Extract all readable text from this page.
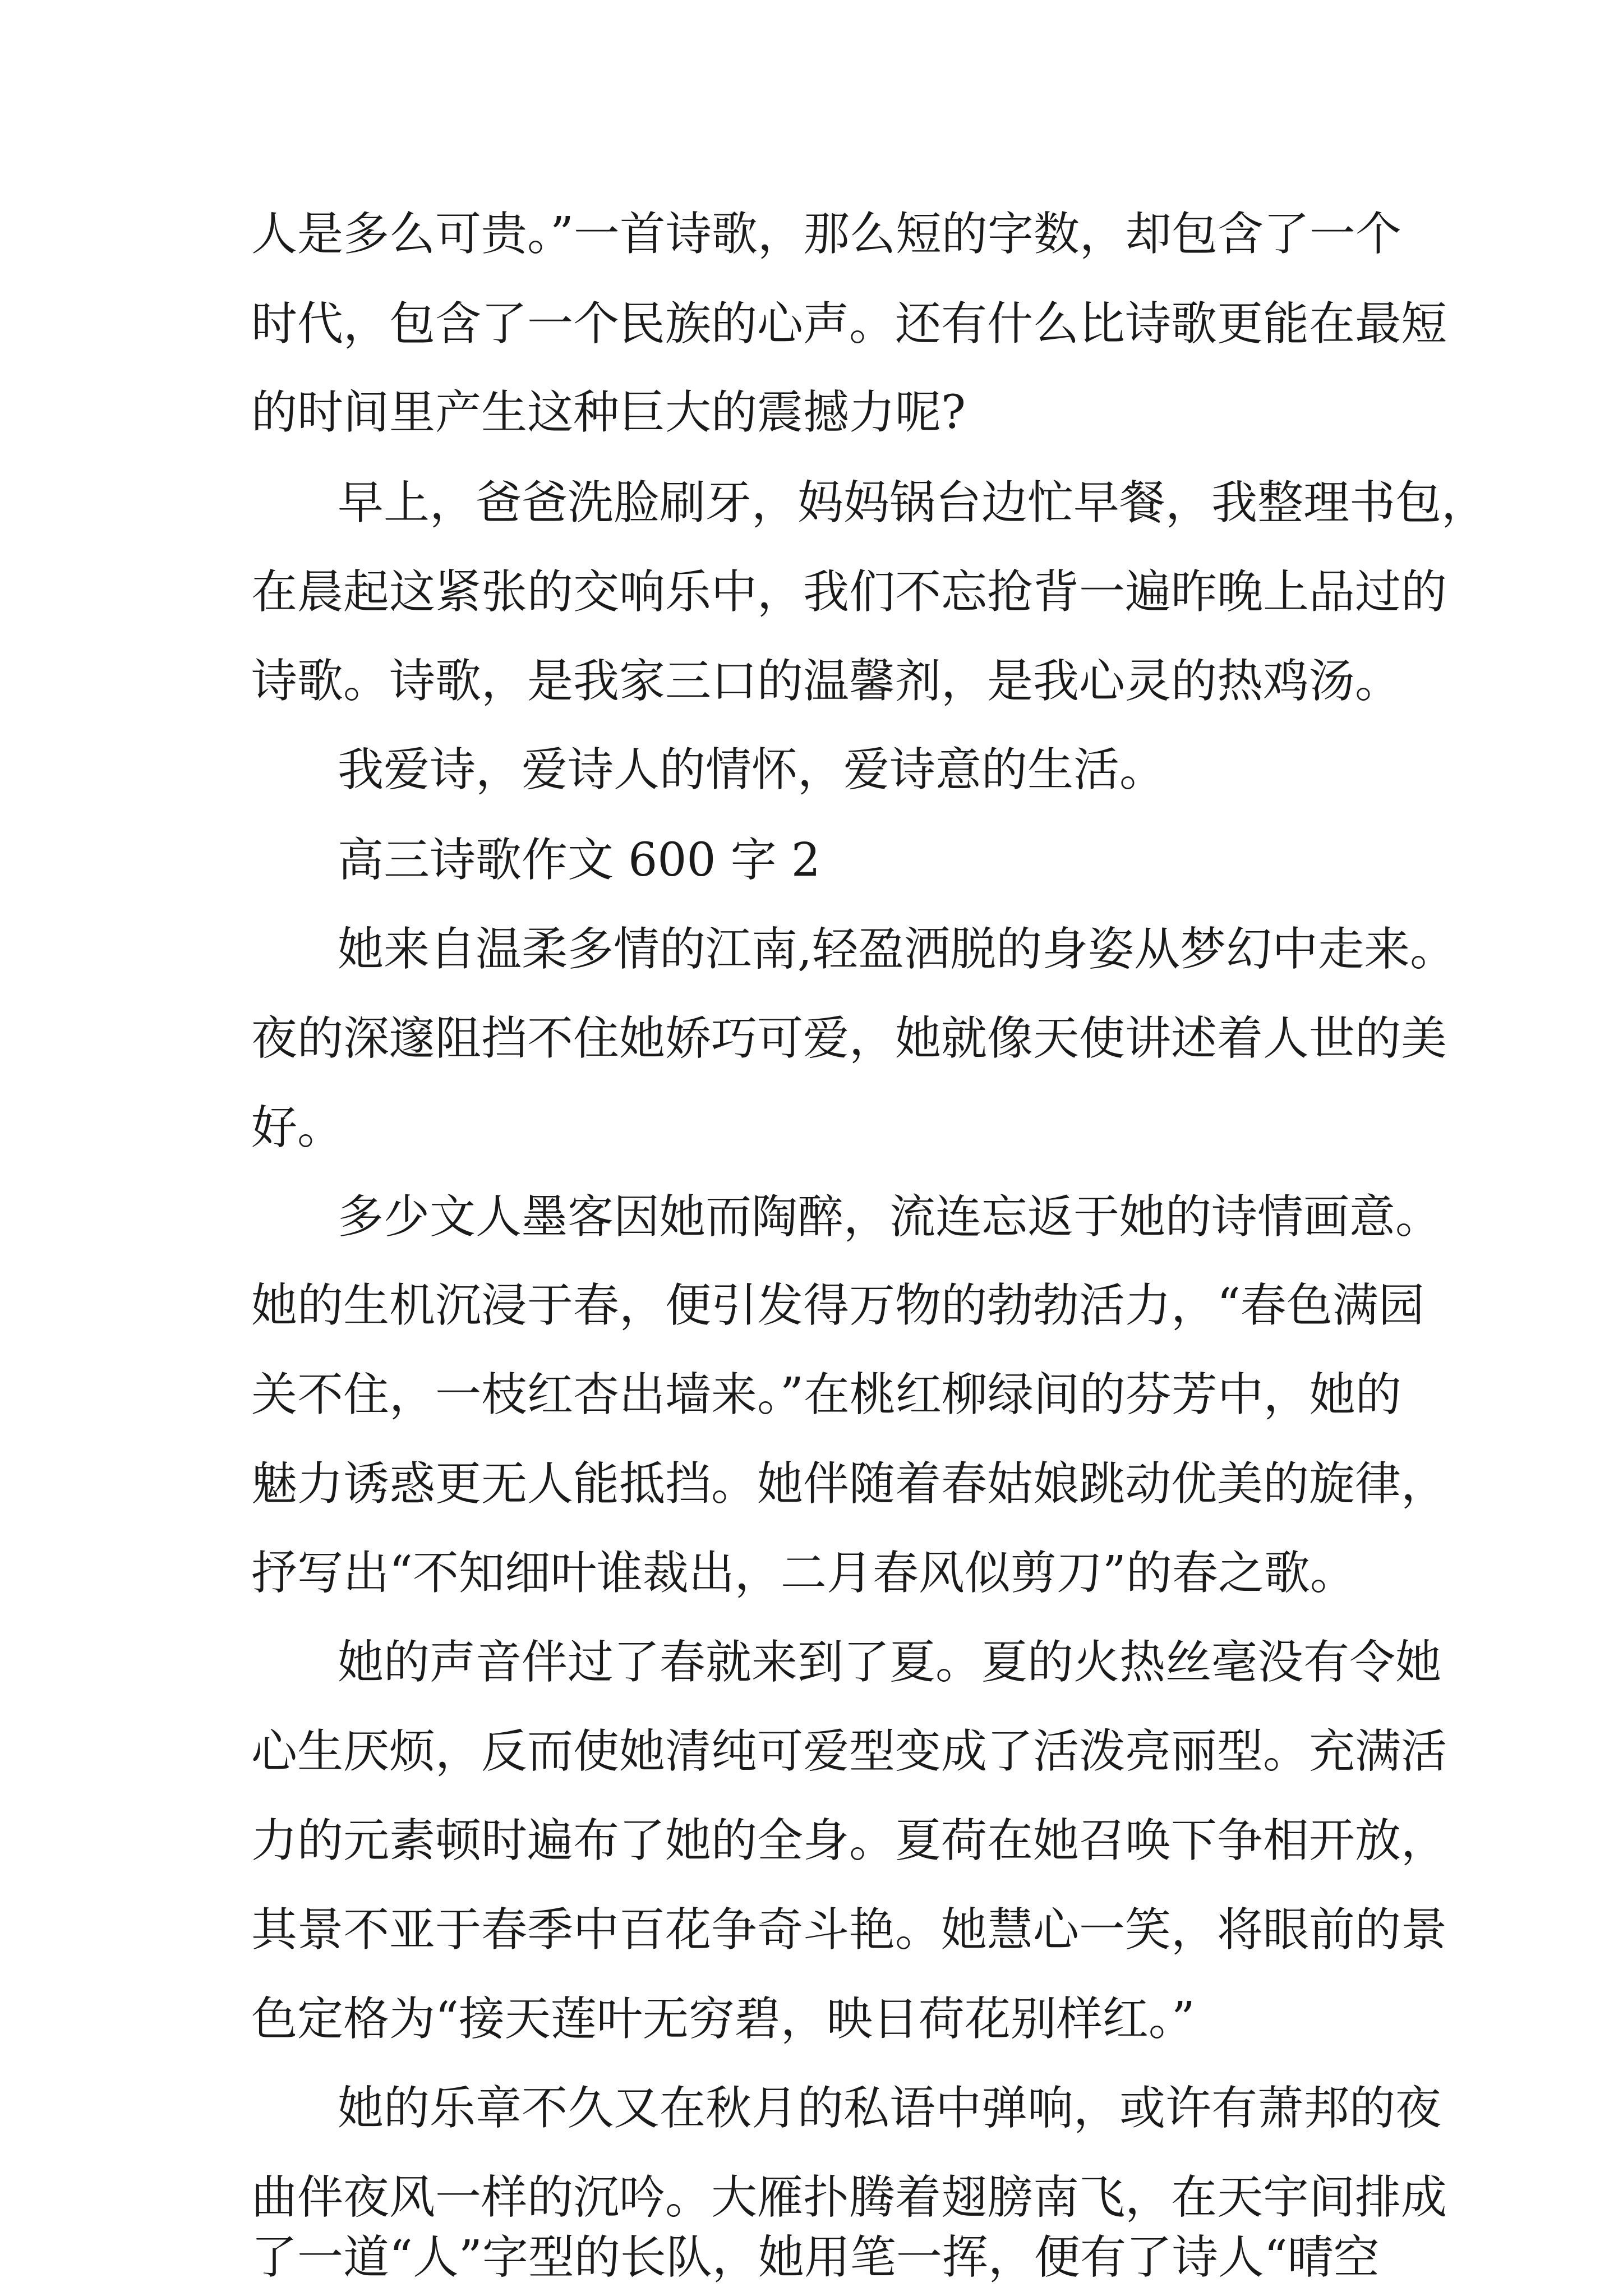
人是多么可贵。”一首诗歌，那么短的字数，却包含了一个
时代，包含了一个民族的心声。还有什么比诗歌更能在最短
的时间里产生这种巨大的震撼力呢?
早上，爸爸洗脸刷牙，妈妈锅台边忙早餐，我整理书包，
在晨起这紧张的交响乐中，我们不忘抢背一遍昨晚上品过的
诗歌。诗歌，是我家三口的温馨剂，是我心灵的热鸡汤。
我爱诗，爱诗人的情怀，爱诗意的生活。
高三诗歌作文 600 字 2
她来自温柔多情的江南,轻盈洒脱的身姿从梦幻中走来。
夜的深邃阻挡不住她娇巧可爱，她就像天使讲述着人世的美
好。
多少文人墨客因她而陶醉，流连忘返于她的诗情画意。
她的生机沉浸于春，便引发得万物的勃勃活力，“春色满园
关不住，一枝红杏出墙来。”在桃红柳绿间的芬芳中，她的
魅力诱惑更无人能抵挡。她伴随着春姑娘跳动优美的旋律，
抒写出“不知细叶谁裁出，二月春风似剪刀”的春之歌。
她的声音伴过了春就来到了夏。夏的火热丝毫没有令她
心生厌烦，反而使她清纯可爱型变成了活泼亮丽型。充满活
力的元素顿时遍布了她的全身。夏荷在她召唤下争相开放，
其景不亚于春季中百花争奇斗艳。她慧心一笑，将眼前的景
色定格为“接天莲叶无穷碧，映日荷花别样红。”
她的乐章不久又在秋月的私语中弹响，或许有萧邦的夜
曲伴夜风一样的沉吟。大雁扑腾着翅膀南飞，在天宇间排成
了一道“人”字型的长队，她用笔一挥，便有了诗人“晴空
